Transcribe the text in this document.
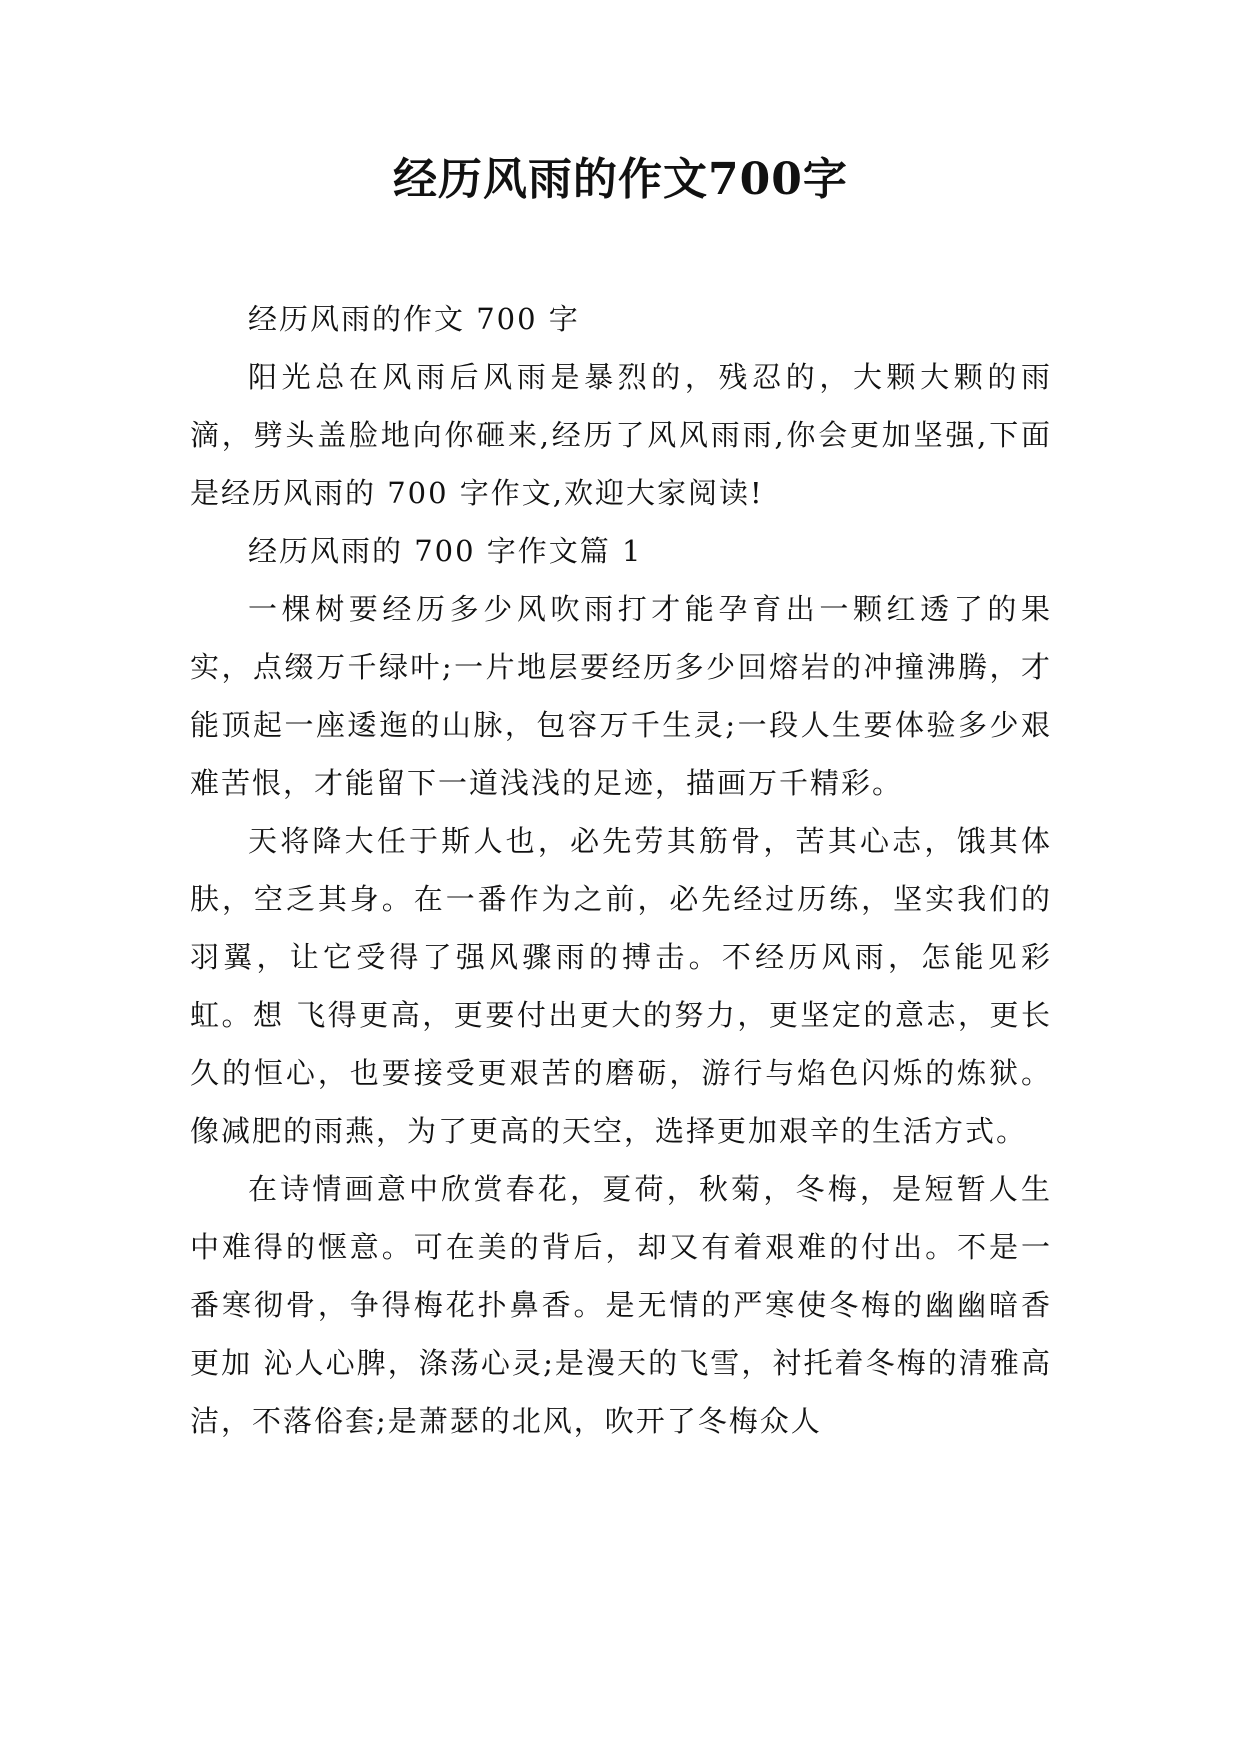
经历风雨的作文700字

经历风雨的作文 700 字

阳光总在风雨后风雨是暴烈的，残忍的，大颗大颗的雨滴，劈头盖脸地向你砸来,经历了风风雨雨,你会更加坚强,下面是经历风雨的 700 字作文,欢迎大家阅读!

经历风雨的 700 字作文篇 1

一棵树要经历多少风吹雨打才能孕育出一颗红透了的果实，点缀万千绿叶;一片地层要经历多少回熔岩的冲撞沸腾，才能顶起一座逶迤的山脉，包容万千生灵;一段人生要体验多少艰难苦恨，才能留下一道浅浅的足迹，描画万千精彩。

天将降大任于斯人也，必先劳其筋骨，苦其心志，饿其体肤，空乏其身。在一番作为之前，必先经过历练，坚实我们的羽翼，让它受得了强风骤雨的搏击。不经历风雨，怎能见彩虹。想 飞得更高，更要付出更大的努力，更坚定的意志，更长久的恒心，也要接受更艰苦的磨砺，游行与焰色闪烁的炼狱。像减肥的雨燕，为了更高的天空，选择更加艰辛的生活方式。

在诗情画意中欣赏春花，夏荷，秋菊，冬梅，是短暂人生中难得的惬意。可在美的背后，却又有着艰难的付出。不是一番寒彻骨，争得梅花扑鼻香。是无情的严寒使冬梅的幽幽暗香更加 沁人心脾，涤荡心灵;是漫天的飞雪，衬托着冬梅的清雅高洁，不落俗套;是萧瑟的北风，吹开了冬梅众人
